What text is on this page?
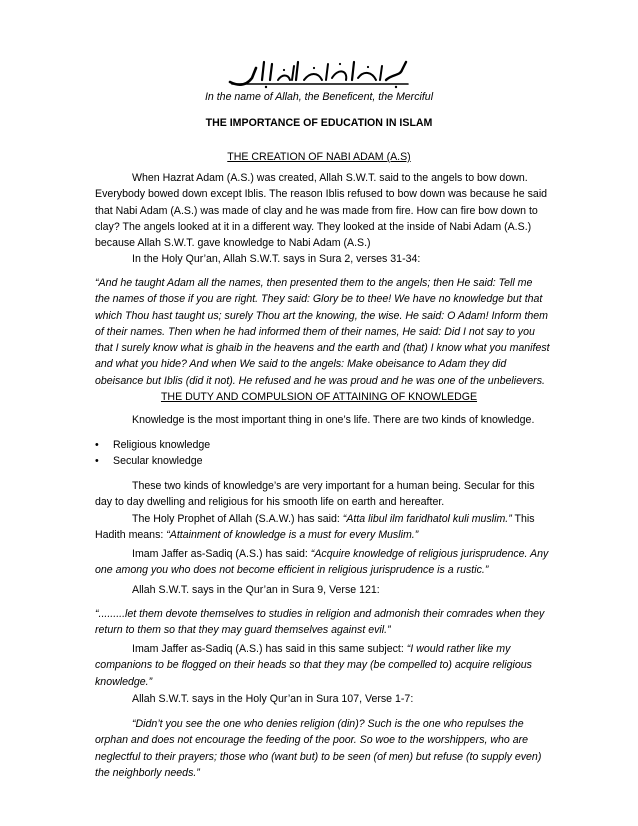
In the name of Allah, the Beneficent, the Merciful

THE IMPORTANCE OF EDUCATION IN ISLAM

THE CREATION OF NABI ADAM (A.S)

When Hazrat Adam (A.S.) was created, Allah S.W.T. said to the angels to bow down. Everybody bowed down except Iblis. The reason Iblis refused to bow down was because he said that Nabi Adam (A.S.) was made of clay and he was made from fire. How can fire bow down to clay? The angels looked at it in a different way. They looked at the inside of Nabi Adam (A.S.) because Allah S.W.T. gave knowledge to Nabi Adam (A.S.)

In the Holy Qur’an, Allah S.W.T. says in Sura 2, verses 31-34:

“And he taught Adam all the names, then presented them to the angels; then He said: Tell me the names of those if you are right. They said: Glory be to thee! We have no knowledge but that which Thou hast taught us; surely Thou art the knowing, the wise. He said: O Adam! Inform them of their names. Then when he had informed them of their names, He said: Did I not say to you that I surely know what is ghaib in the heavens and the earth and (that) I know what you manifest and what you hide? And when We said to the angels: Make obeisance to Adam they did obeisance but Iblis (did it not). He refused and he was proud and he was one of the unbelievers.

THE DUTY AND COMPULSION OF ATTAINING OF KNOWLEDGE

Knowledge is the most important thing in one’s life. There are two kinds of knowledge.

• Religious knowledge
• Secular knowledge

These two kinds of knowledge’s are very important for a human being. Secular for this day to day dwelling and religious for his smooth life on earth and hereafter.

The Holy Prophet of Allah (S.A.W.) has said: “Atta libul ilm faridhatol kuli muslim.” This Hadith means: “Attainment of knowledge is a must for every Muslim.”

Imam Jaffer as-Sadiq (A.S.) has said: “Acquire knowledge of religious jurisprudence. Any one among you who does not become efficient in religious jurisprudence is a rustic.”

Allah S.W.T. says in the Qur’an in Sura 9, Verse 121:

“.........let them devote themselves to studies in religion and admonish their comrades when they return to them so that they may guard themselves against evil.”

Imam Jaffer as-Sadiq (A.S.) has said in this same subject: “I would rather like my companions to be flogged on their heads so that they may (be compelled to) acquire religious knowledge.”

Allah S.W.T. says in the Holy Qur’an in Sura 107, Verse 1-7:

“Didn’t you see the one who denies religion (din)? Such is the one who repulses the orphan and does not encourage the feeding of the poor. So woe to the worshippers, who are neglectful to their prayers; those who (want but) to be seen (of men) but refuse (to supply even) the neighborly needs.”
